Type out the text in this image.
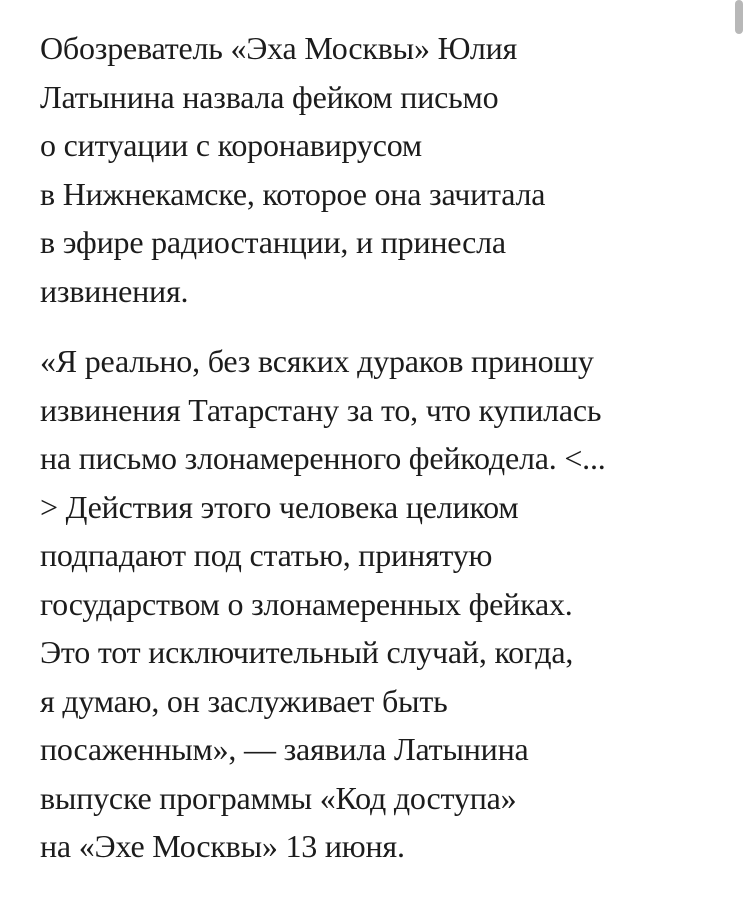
Обозреватель «Эха Москвы» Юлия
Латынина назвала фейком письмо
о ситуации с коронавирусом
в Нижнекамске, которое она зачитала
в эфире радиостанции, и принесла
извинения.

«Я реально, без всяких дураков приношу
извинения Татарстану за то, что купилась
на письмо злонамеренного фейкодела. <...
> Действия этого человека целиком
подпадают под статью, принятую
государством о злонамеренных фейках.
Это тот исключительный случай, когда,
я думаю, он заслуживает быть
посаженным», — заявила Латынина
выпуске программы «Код доступа»
на «Эхе Москвы» 13 июня.
